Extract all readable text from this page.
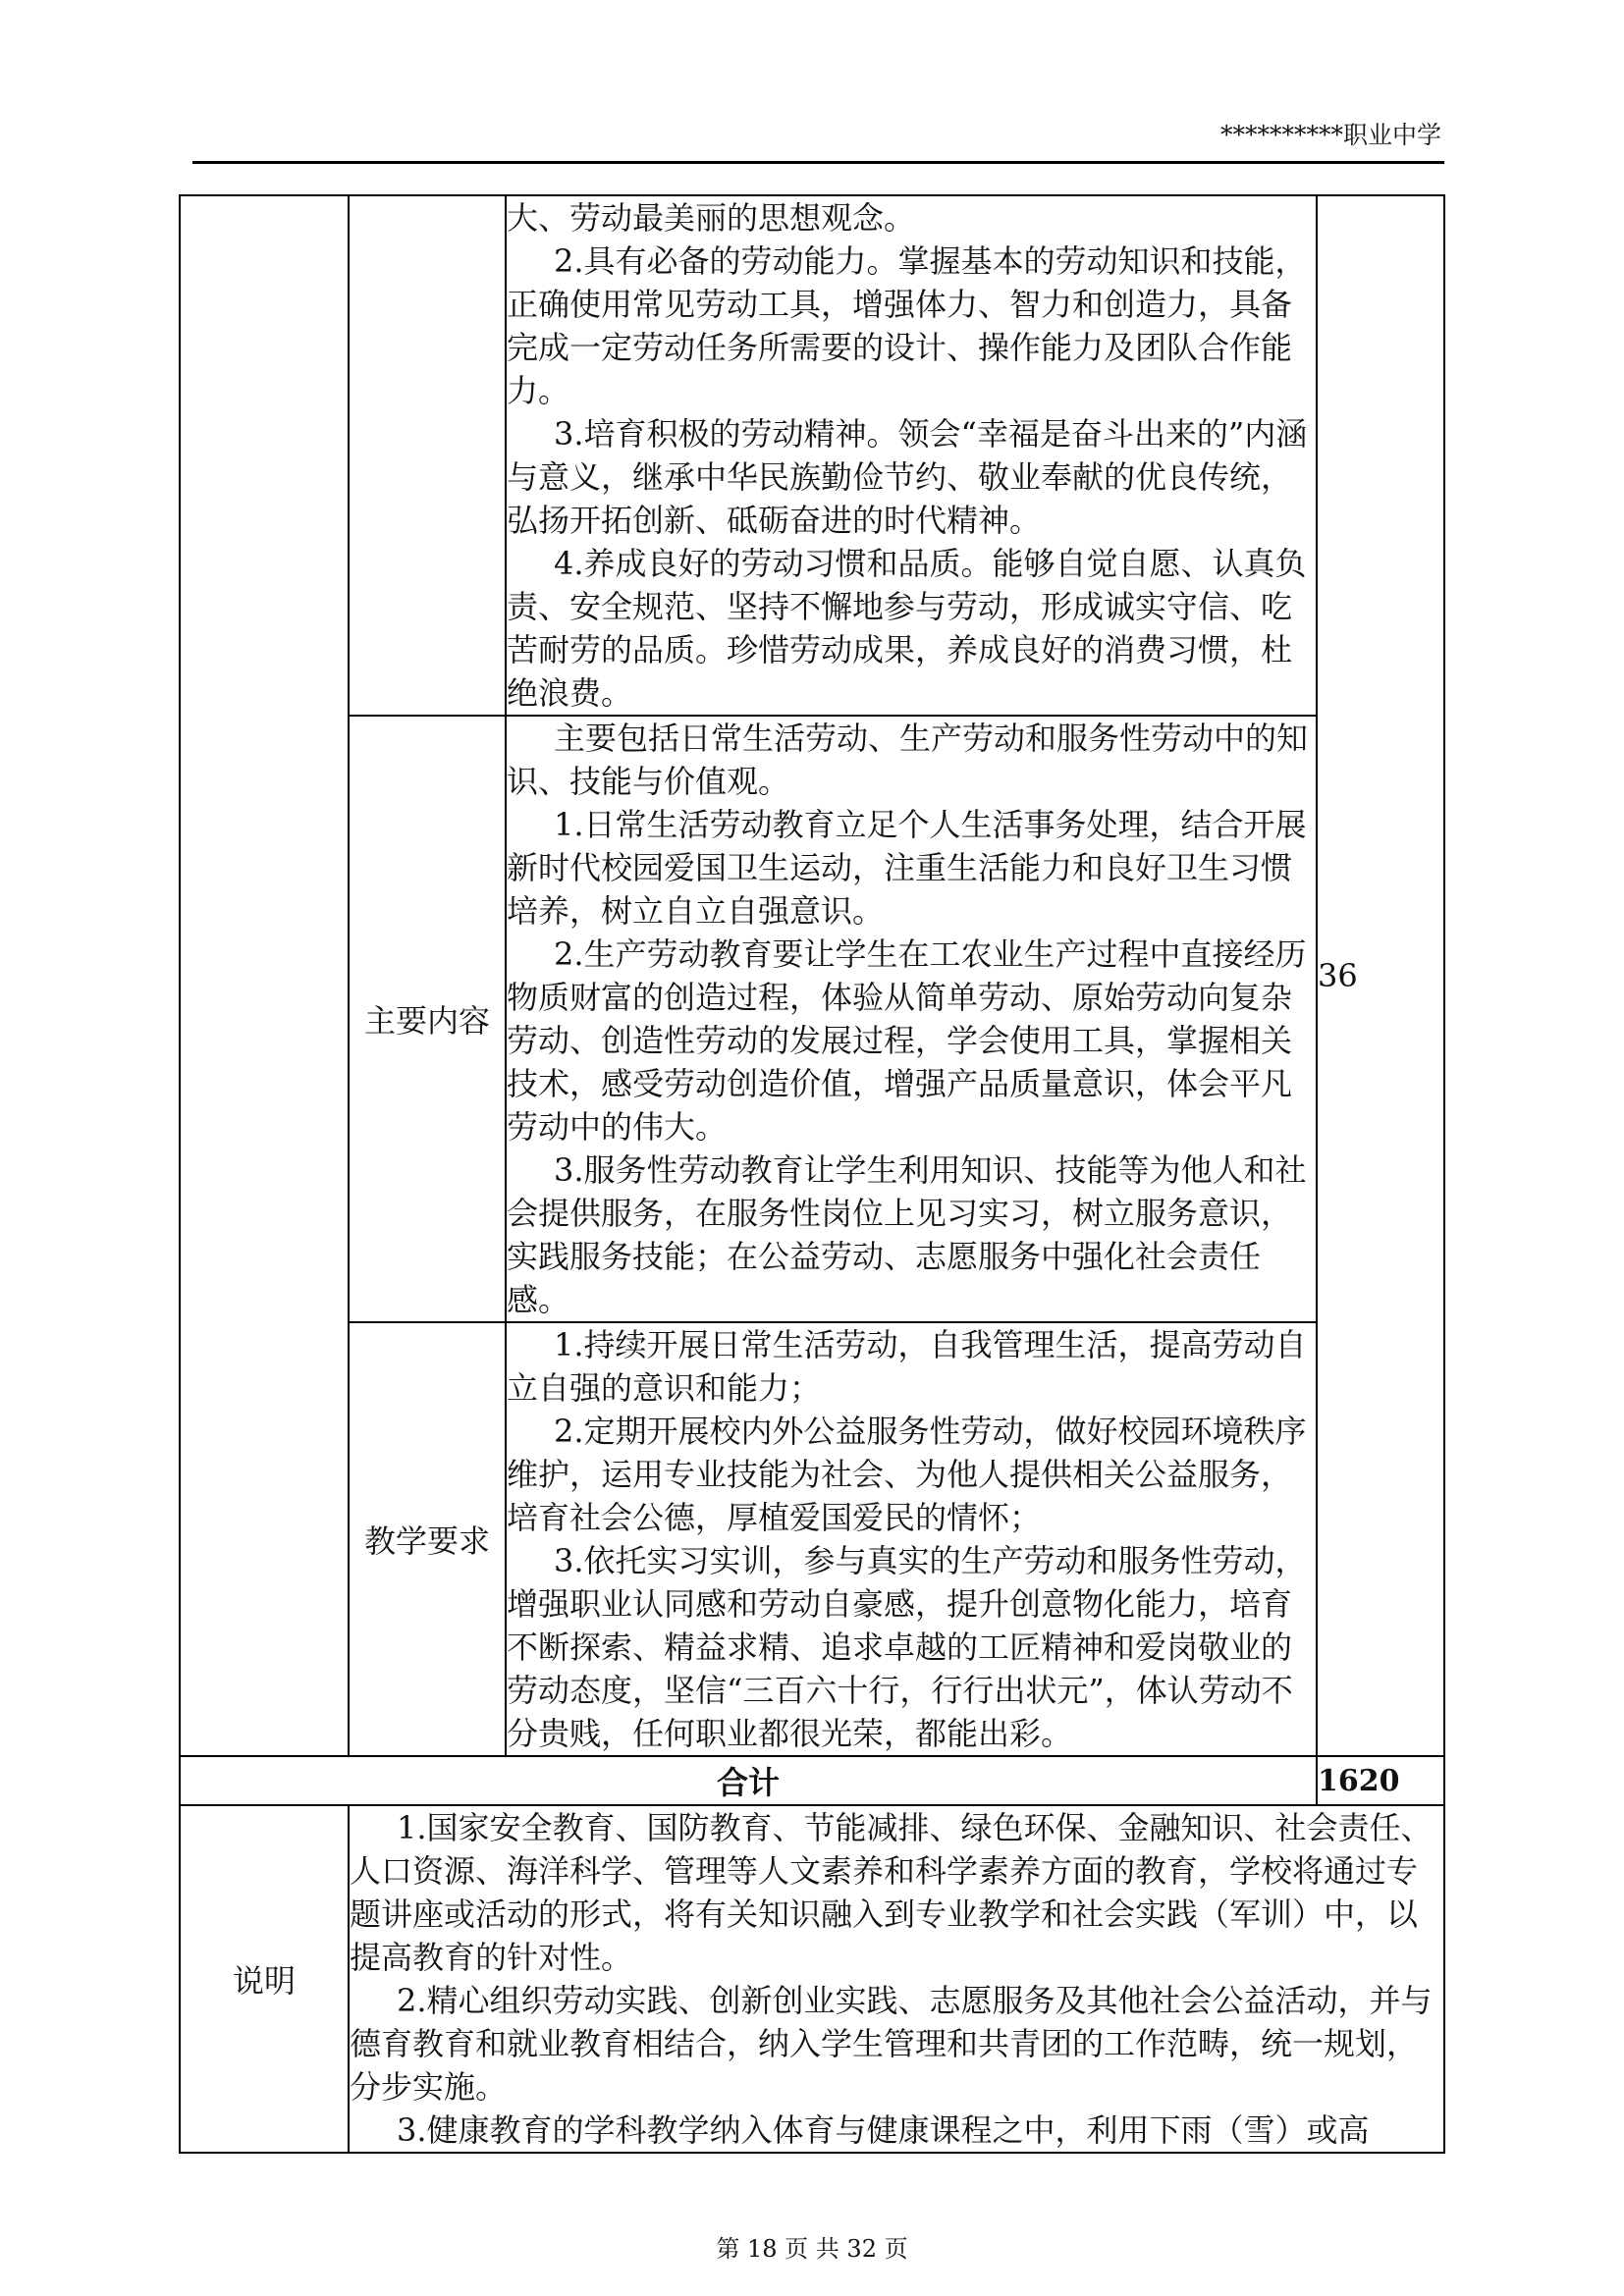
**********职业中学

		大、劳动最美丽的思想观念。

2.具有必备的劳动能力。掌握基本的劳动知识和技能，正确使用常见劳动工具，增强体力、智力和创造力，具备完成一定劳动任务所需要的设计、操作能力及团队合作能力。

3.培育积极的劳动精神。领会“幸福是奋斗出来的”内涵与意义，继承中华民族勤俭节约、敬业奉献的优良传统，弘扬开拓创新、砥砺奋进的时代精神。

4.养成良好的劳动习惯和品质。能够自觉自愿、认真负责、安全规范、坚持不懈地参与劳动，形成诚实守信、吃苦耐劳的品质。珍惜劳动成果，养成良好的消费习惯，杜绝浪费。	36
	主要内容	主要包括日常生活劳动、生产劳动和服务性劳动中的知识、技能与价值观。

1.日常生活劳动教育立足个人生活事务处理，结合开展新时代校园爱国卫生运动，注重生活能力和良好卫生习惯培养，树立自立自强意识。

2.生产劳动教育要让学生在工农业生产过程中直接经历物质财富的创造过程，体验从简单劳动、原始劳动向复杂劳动、创造性劳动的发展过程，学会使用工具，掌握相关技术，感受劳动创造价值，增强产品质量意识，体会平凡劳动中的伟大。

3.服务性劳动教育让学生利用知识、技能等为他人和社会提供服务，在服务性岗位上见习实习，树立服务意识，实践服务技能；在公益劳动、志愿服务中强化社会责任感。	

	教学要求	1.持续开展日常生活劳动，自我管理生活，提高劳动自立自强的意识和能力；

2.定期开展校内外公益服务性劳动，做好校园环境秩序维护，运用专业技能为社会、为他人提供相关公益服务，培育社会公德，厚植爱国爱民的情怀；

3.依托实习实训，参与真实的生产劳动和服务性劳动，增强职业认同感和劳动自豪感，提升创意物化能力，培育不断探索、精益求精、追求卓越的工匠精神和爱岗敬业的劳动态度，坚信“三百六十行，行行出状元”，体认劳动不分贵贱，任何职业都很光荣，都能出彩。	

合计			1620
说明	1.国家安全教育、国防教育、节能减排、绿色环保、金融知识、社会责任、人口资源、海洋科学、管理等人文素养和科学素养方面的教育，学校将通过专题讲座或活动的形式，将有关知识融入到专业教学和社会实践（军训）中，以提高教育的针对性。

2.精心组织劳动实践、创新创业实践、志愿服务及其他社会公益活动，并与德育教育和就业教育相结合，纳入学生管理和共青团的工作范畴，统一规划，分步实施。

3.健康教育的学科教学纳入体育与健康课程之中，利用下雨（雪）或高		

第 18 页 共 32 页
